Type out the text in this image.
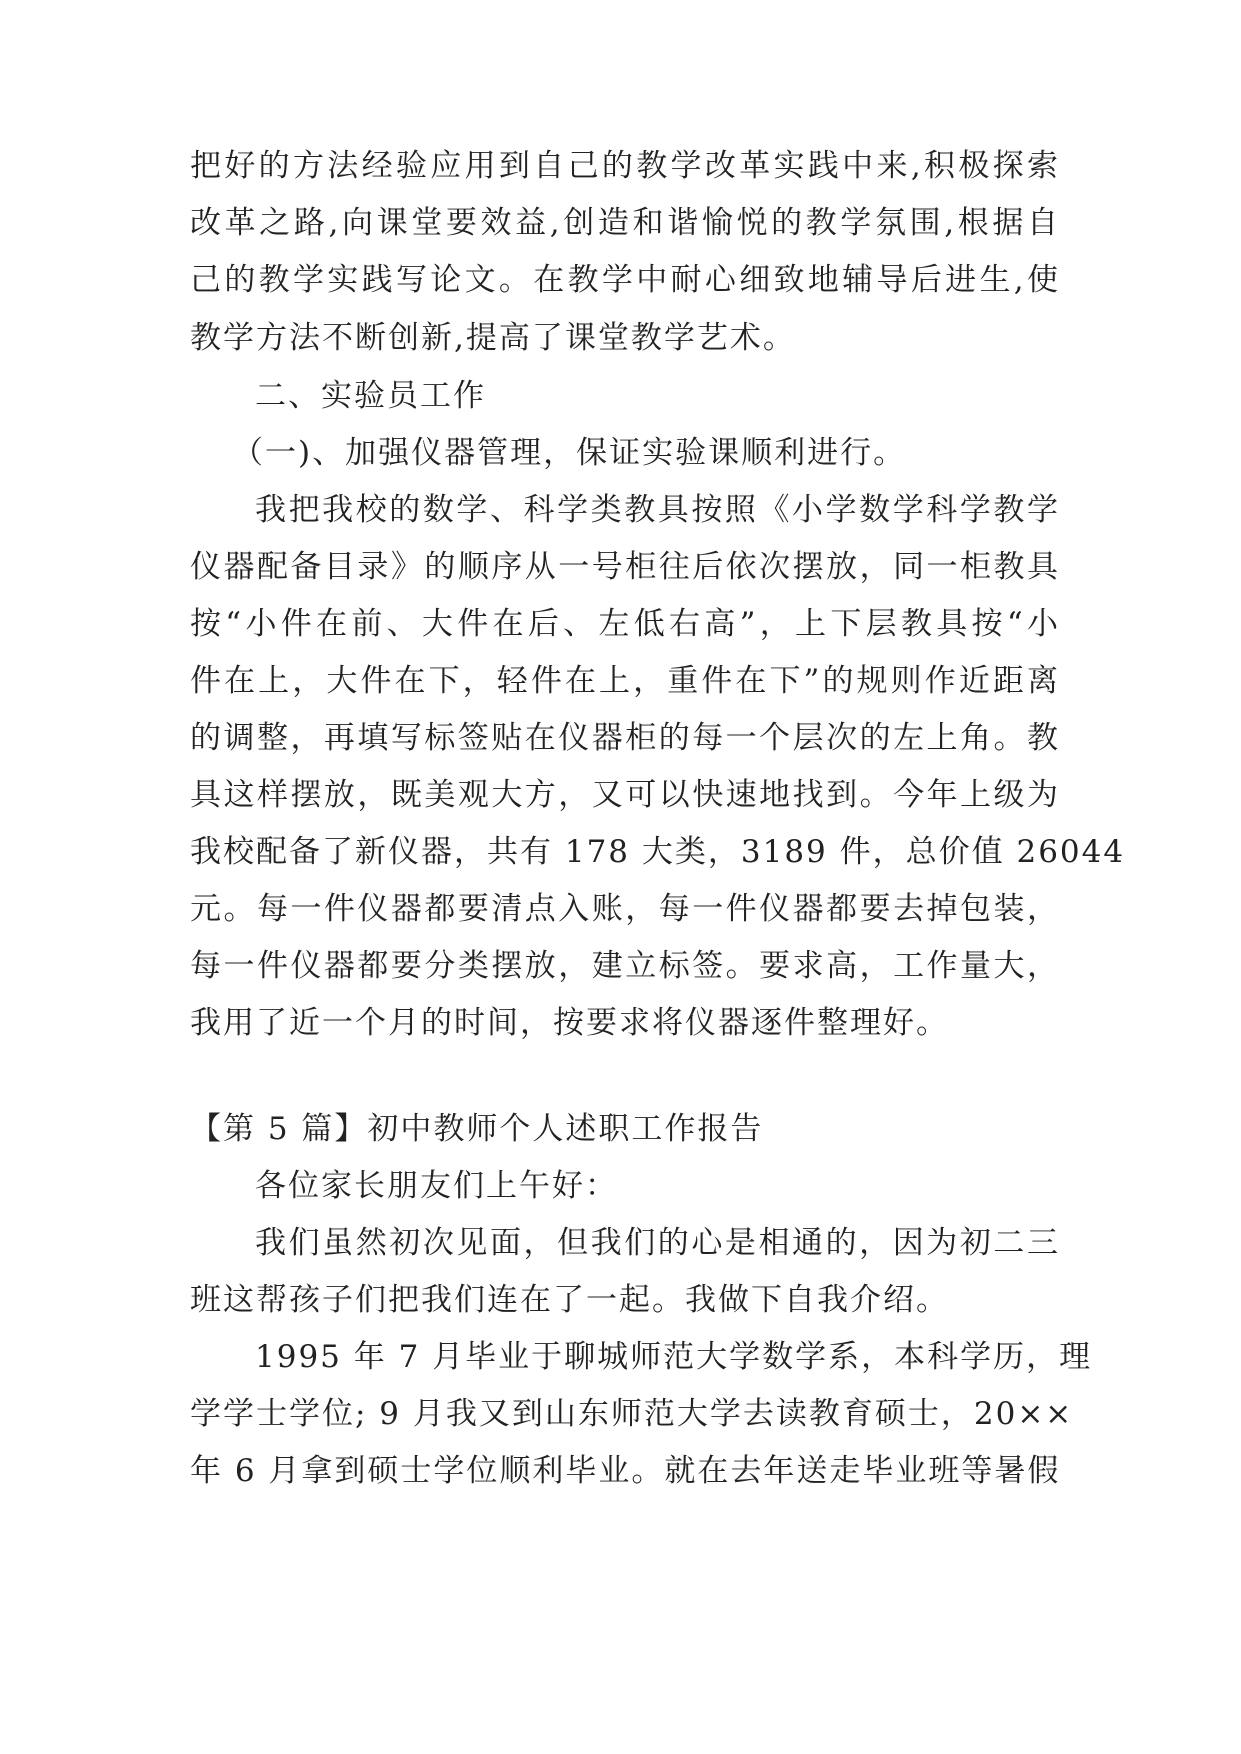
把好的方法经验应用到自己的教学改革实践中来,积极探索
改革之路,向课堂要效益,创造和谐愉悦的教学氛围,根据自
己的教学实践写论文。在教学中耐心细致地辅导后进生,使
教学方法不断创新,提高了课堂教学艺术。
二、实验员工作
（一)、加强仪器管理，保证实验课顺利进行。
我把我校的数学、科学类教具按照《小学数学科学教学
仪器配备目录》的顺序从一号柜往后依次摆放，同一柜教具
按“小件在前、大件在后、左低右高”，上下层教具按“小
件在上，大件在下，轻件在上，重件在下”的规则作近距离
的调整，再填写标签贴在仪器柜的每一个层次的左上角。教
具这样摆放，既美观大方，又可以快速地找到。今年上级为
我校配备了新仪器，共有 178 大类，3189 件，总价值 26044
元。每一件仪器都要清点入账，每一件仪器都要去掉包装，
每一件仪器都要分类摆放，建立标签。要求高，工作量大，
我用了近一个月的时间，按要求将仪器逐件整理好。
【第 5 篇】初中教师个人述职工作报告
各位家长朋友们上午好：
我们虽然初次见面，但我们的心是相通的，因为初二三
班这帮孩子们把我们连在了一起。我做下自我介绍。
1995 年 7 月毕业于聊城师范大学数学系，本科学历，理
学学士学位; 9 月我又到山东师范大学去读教育硕士，20××
年 6 月拿到硕士学位顺利毕业。就在去年送走毕业班等暑假
